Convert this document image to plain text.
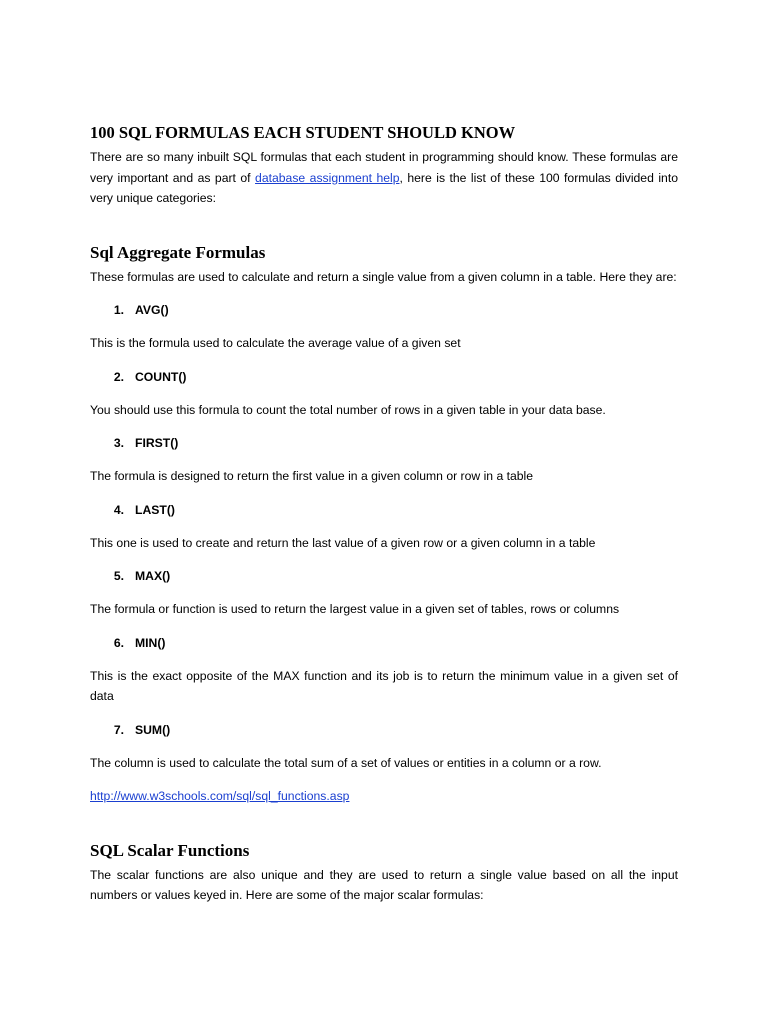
100 SQL FORMULAS EACH STUDENT SHOULD KNOW

There are so many inbuilt SQL formulas that each student in programming should know. These formulas are very important and as part of database assignment help, here is the list of these 100 formulas divided into very unique categories:

Sql Aggregate Formulas

These formulas are used to calculate and return a single value from a given column in a table. Here they are:

1. AVG()

This is the formula used to calculate the average value of a given set

2. COUNT()

You should use this formula to count the total number of rows in a given table in your data base.

3. FIRST()

The formula is designed to return the first value in a given column or row in a table

4. LAST()

This one is used to create and return the last value of a given row or a given column in a table

5. MAX()

The formula or function is used to return the largest value in a given set of tables, rows or columns

6. MIN()

This is the exact opposite of the MAX function and its job is to return the minimum value in a given set of data

7. SUM()

The column is used to calculate the total sum of a set of values or entities in a column or a row.

http://www.w3schools.com/sql/sql_functions.asp

SQL Scalar Functions

The scalar functions are also unique and they are used to return a single value based on all the input numbers or values keyed in. Here are some of the major scalar formulas:
